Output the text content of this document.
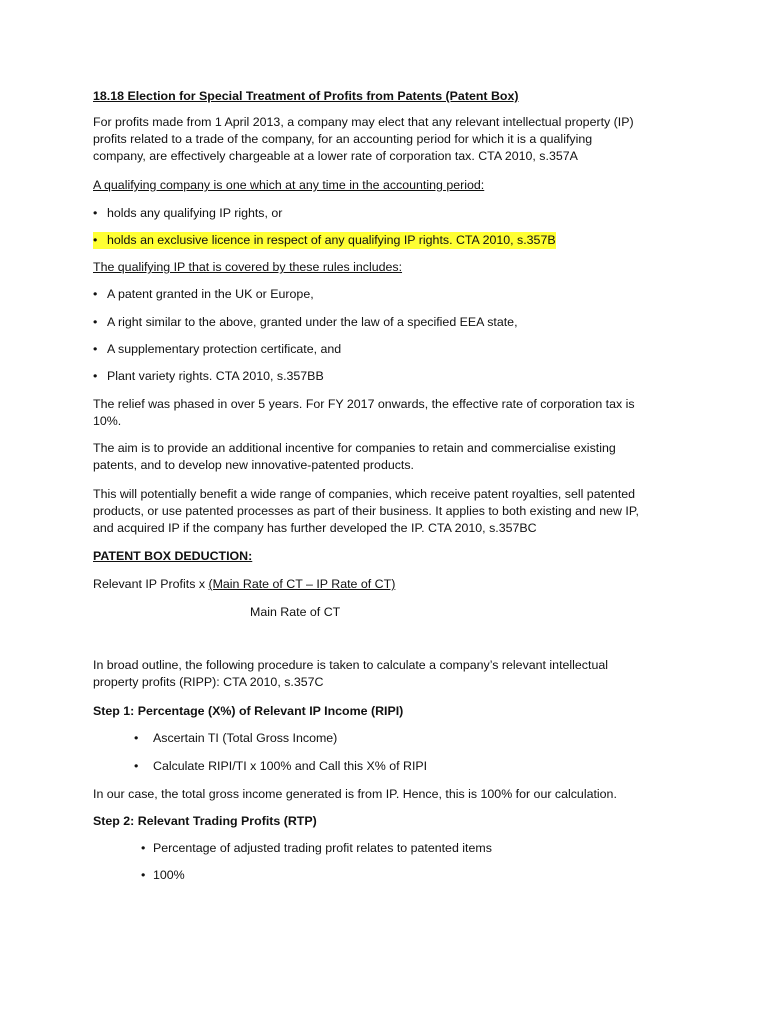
18.18 Election for Special Treatment of Profits from Patents (Patent Box)
For profits made from 1 April 2013, a company may elect that any relevant intellectual property (IP)
profits related to a trade of the company, for an accounting period for which it is a qualifying
company, are effectively chargeable at a lower rate of corporation tax. CTA 2010, s.357A
A qualifying company is one which at any time in the accounting period:
• holds any qualifying IP rights, or
• holds an exclusive licence in respect of any qualifying IP rights. CTA 2010, s.357B
The qualifying IP that is covered by these rules includes:
• A patent granted in the UK or Europe,
• A right similar to the above, granted under the law of a specified EEA state,
• A supplementary protection certificate, and
• Plant variety rights. CTA 2010, s.357BB
The relief was phased in over 5 years. For FY 2017 onwards, the effective rate of corporation tax is
10%.
The aim is to provide an additional incentive for companies to retain and commercialise existing
patents, and to develop new innovative-patented products.
This will potentially benefit a wide range of companies, which receive patent royalties, sell patented
products, or use patented processes as part of their business. It applies to both existing and new IP,
and acquired IP if the company has further developed the IP. CTA 2010, s.357BC
PATENT BOX DEDUCTION:
Relevant IP Profits x (Main Rate of CT – IP Rate of CT)
Main Rate of CT
In broad outline, the following procedure is taken to calculate a company’s relevant intellectual
property profits (RIPP): CTA 2010, s.357C
Step 1: Percentage (X%) of Relevant IP Income (RIPI)
• Ascertain TI (Total Gross Income)
• Calculate RIPI/TI x 100% and Call this X% of RIPI
In our case, the total gross income generated is from IP. Hence, this is 100% for our calculation.
Step 2: Relevant Trading Profits (RTP)
• Percentage of adjusted trading profit relates to patented items
• 100%
